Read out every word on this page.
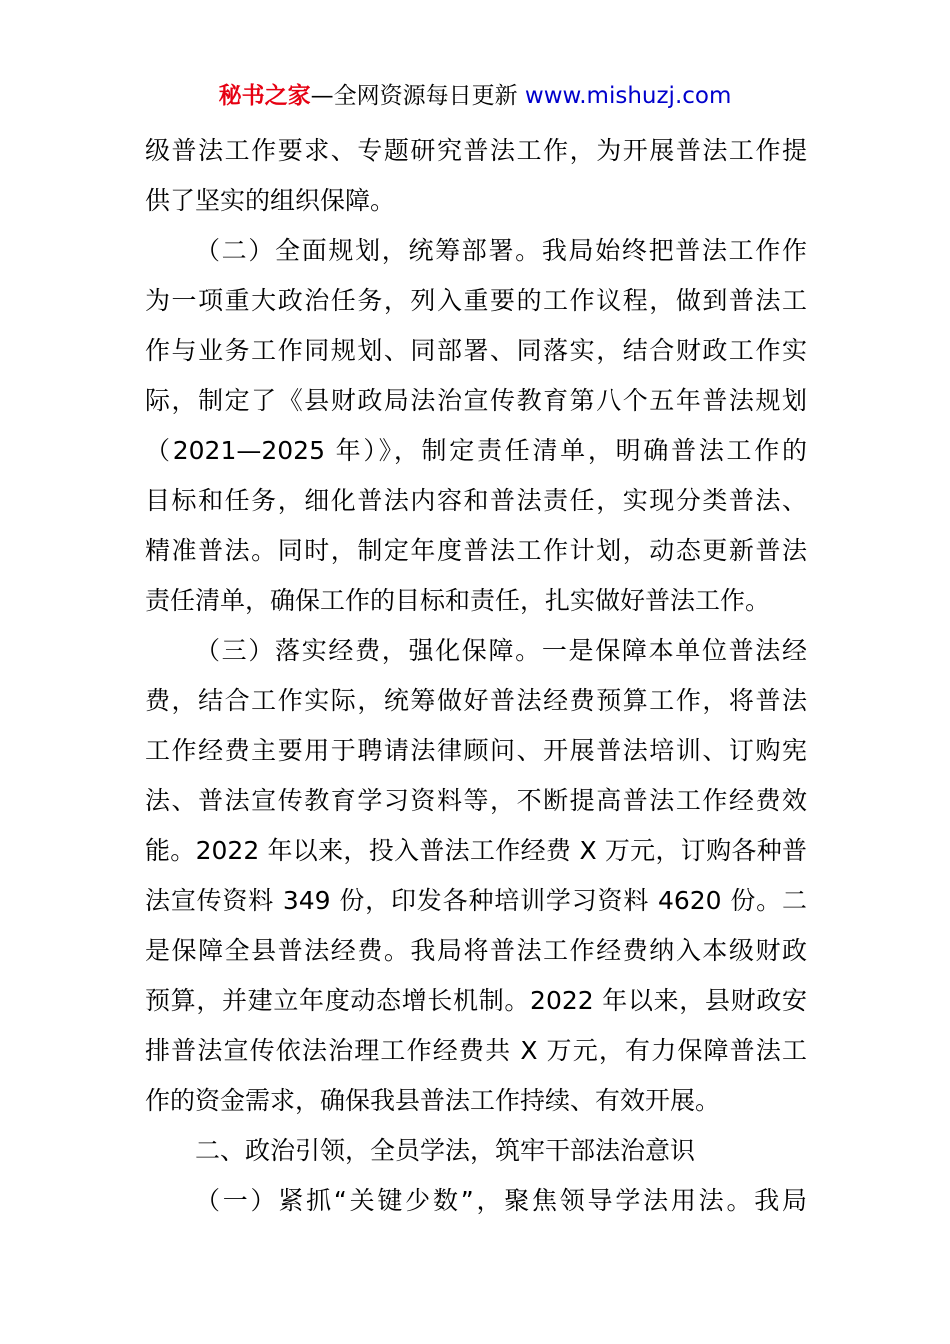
秘书之家—全网资源每日更新 www.mishuzj.com
级普法工作要求、专题研究普法工作，为开展普法工作提
供了坚实的组织保障。
（二）全面规划，统筹部署。我局始终把普法工作作
为一项重大政治任务，列入重要的工作议程，做到普法工
作与业务工作同规划、同部署、同落实，结合财政工作实
际，制定了《县财政局法治宣传教育第八个五年普法规划
（2021—2025 年）》，制定责任清单，明确普法工作的
目标和任务，细化普法内容和普法责任，实现分类普法、
精准普法。同时，制定年度普法工作计划，动态更新普法
责任清单，确保工作的目标和责任，扎实做好普法工作。
（三）落实经费，强化保障。一是保障本单位普法经
费，结合工作实际，统筹做好普法经费预算工作，将普法
工作经费主要用于聘请法律顾问、开展普法培训、订购宪
法、普法宣传教育学习资料等，不断提高普法工作经费效
能。2022 年以来，投入普法工作经费 X 万元，订购各种普
法宣传资料 349 份，印发各种培训学习资料 4620 份。二
是保障全县普法经费。我局将普法工作经费纳入本级财政
预算，并建立年度动态增长机制。2022 年以来，县财政安
排普法宣传依法治理工作经费共 X 万元，有力保障普法工
作的资金需求，确保我县普法工作持续、有效开展。
二、政治引领，全员学法，筑牢干部法治意识
（一）紧抓“关键少数”，聚焦领导学法用法。我局
